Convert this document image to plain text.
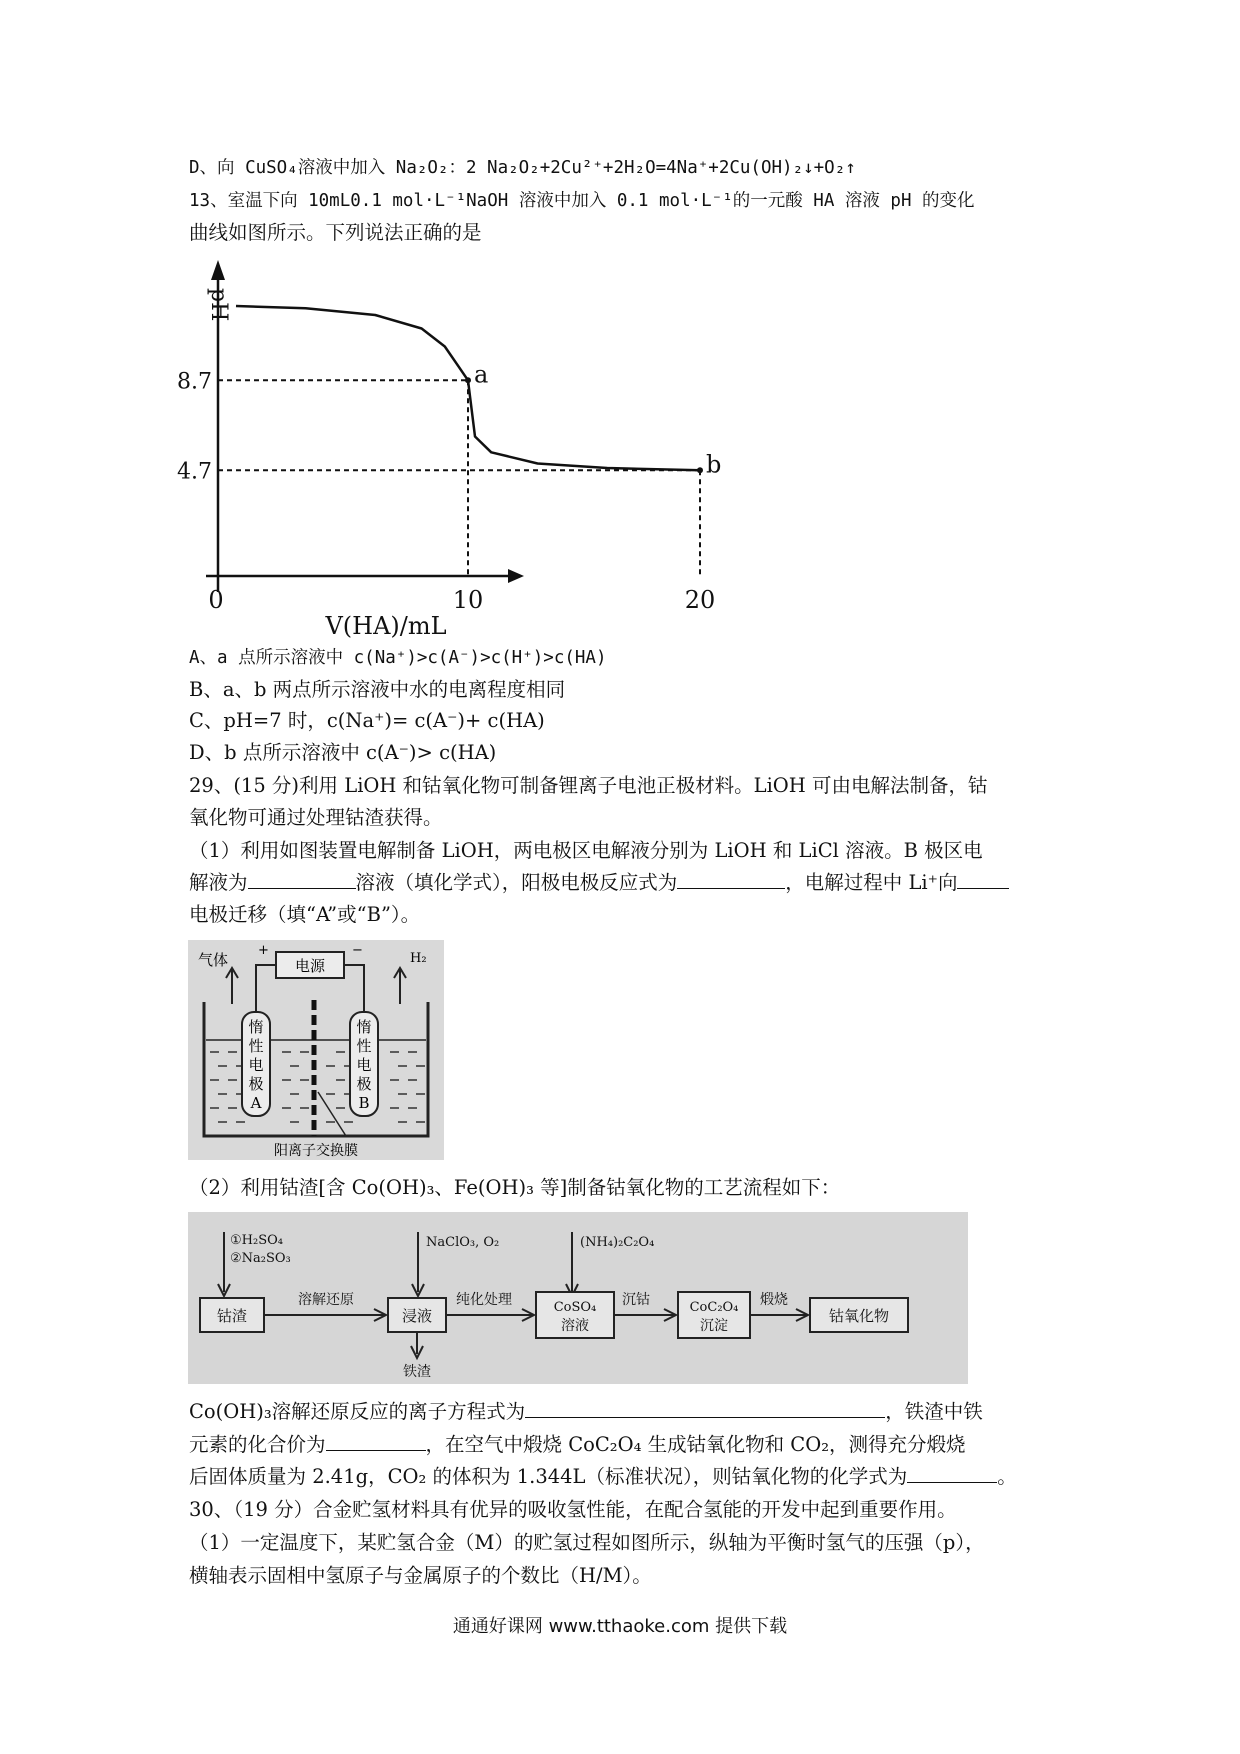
D、向 CuSO₄溶液中加入 Na₂O₂：2 Na₂O₂+2Cu²⁺+2H₂O=4Na⁺+2Cu(OH)₂↓+O₂↑
13、室温下向 10mL0.1 mol·L⁻¹NaOH 溶液中加入 0.1 mol·L⁻¹的一元酸 HA 溶液 pH 的变化
曲线如图所示。下列说法正确的是
pH
V(HA)/mL
0	10	20
8.7
4.7
a
b
A、a 点所示溶液中 c(Na⁺)>c(A⁻)>c(H⁺)>c(HA)
B、a、b 两点所示溶液中水的电离程度相同
C、pH=7 时，c(Na⁺)= c(A⁻)+ c(HA)
D、b 点所示溶液中 c(A⁻)> c(HA)
29、(15 分)利用 LiOH 和钴氧化物可制备锂离子电池正极材料。LiOH 可由电解法制备，钴
氧化物可通过处理钴渣获得。
（1）利用如图装置电解制备 LiOH，两电极区电解液分别为 LiOH 和 LiCl 溶液。B 极区电
解液为	溶液（填化学式），阳极电极反应式为	，电解过程中 Li⁺向
电极迁移（填“A”或“B”）。
电源
+	−
气体	H₂
惰
性
电
极
A
惰
性
电
极
B
阳离子交换膜
（2）利用钴渣[含 Co(OH)₃、Fe(OH)₃ 等]制备钴氧化物的工艺流程如下：
①H₂SO₄
②Na₂SO₃
NaClO₃, O₂	(NH₄)₂C₂O₄
钴渣	浸液	CoSO₄
溶液
CoC₂O₄
沉淀
钴氧化物
溶解还原	纯化处理	沉钴	煅烧
铁渣
Co(OH)₃溶解还原反应的离子方程式为	，铁渣中铁
元素的化合价为	，在空气中煅烧 CoC₂O₄ 生成钴氧化物和 CO₂，测得充分煅烧
后固体质量为 2.41g，CO₂ 的体积为 1.344L（标准状况），则钴氧化物的化学式为	。
30、（19 分）合金贮氢材料具有优异的吸收氢性能，在配合氢能的开发中起到重要作用。
（1）一定温度下，某贮氢合金（M）的贮氢过程如图所示，纵轴为平衡时氢气的压强（p），
横轴表示固相中氢原子与金属原子的个数比（H/M）。
通通好课网 www.tthaoke.com 提供下载
